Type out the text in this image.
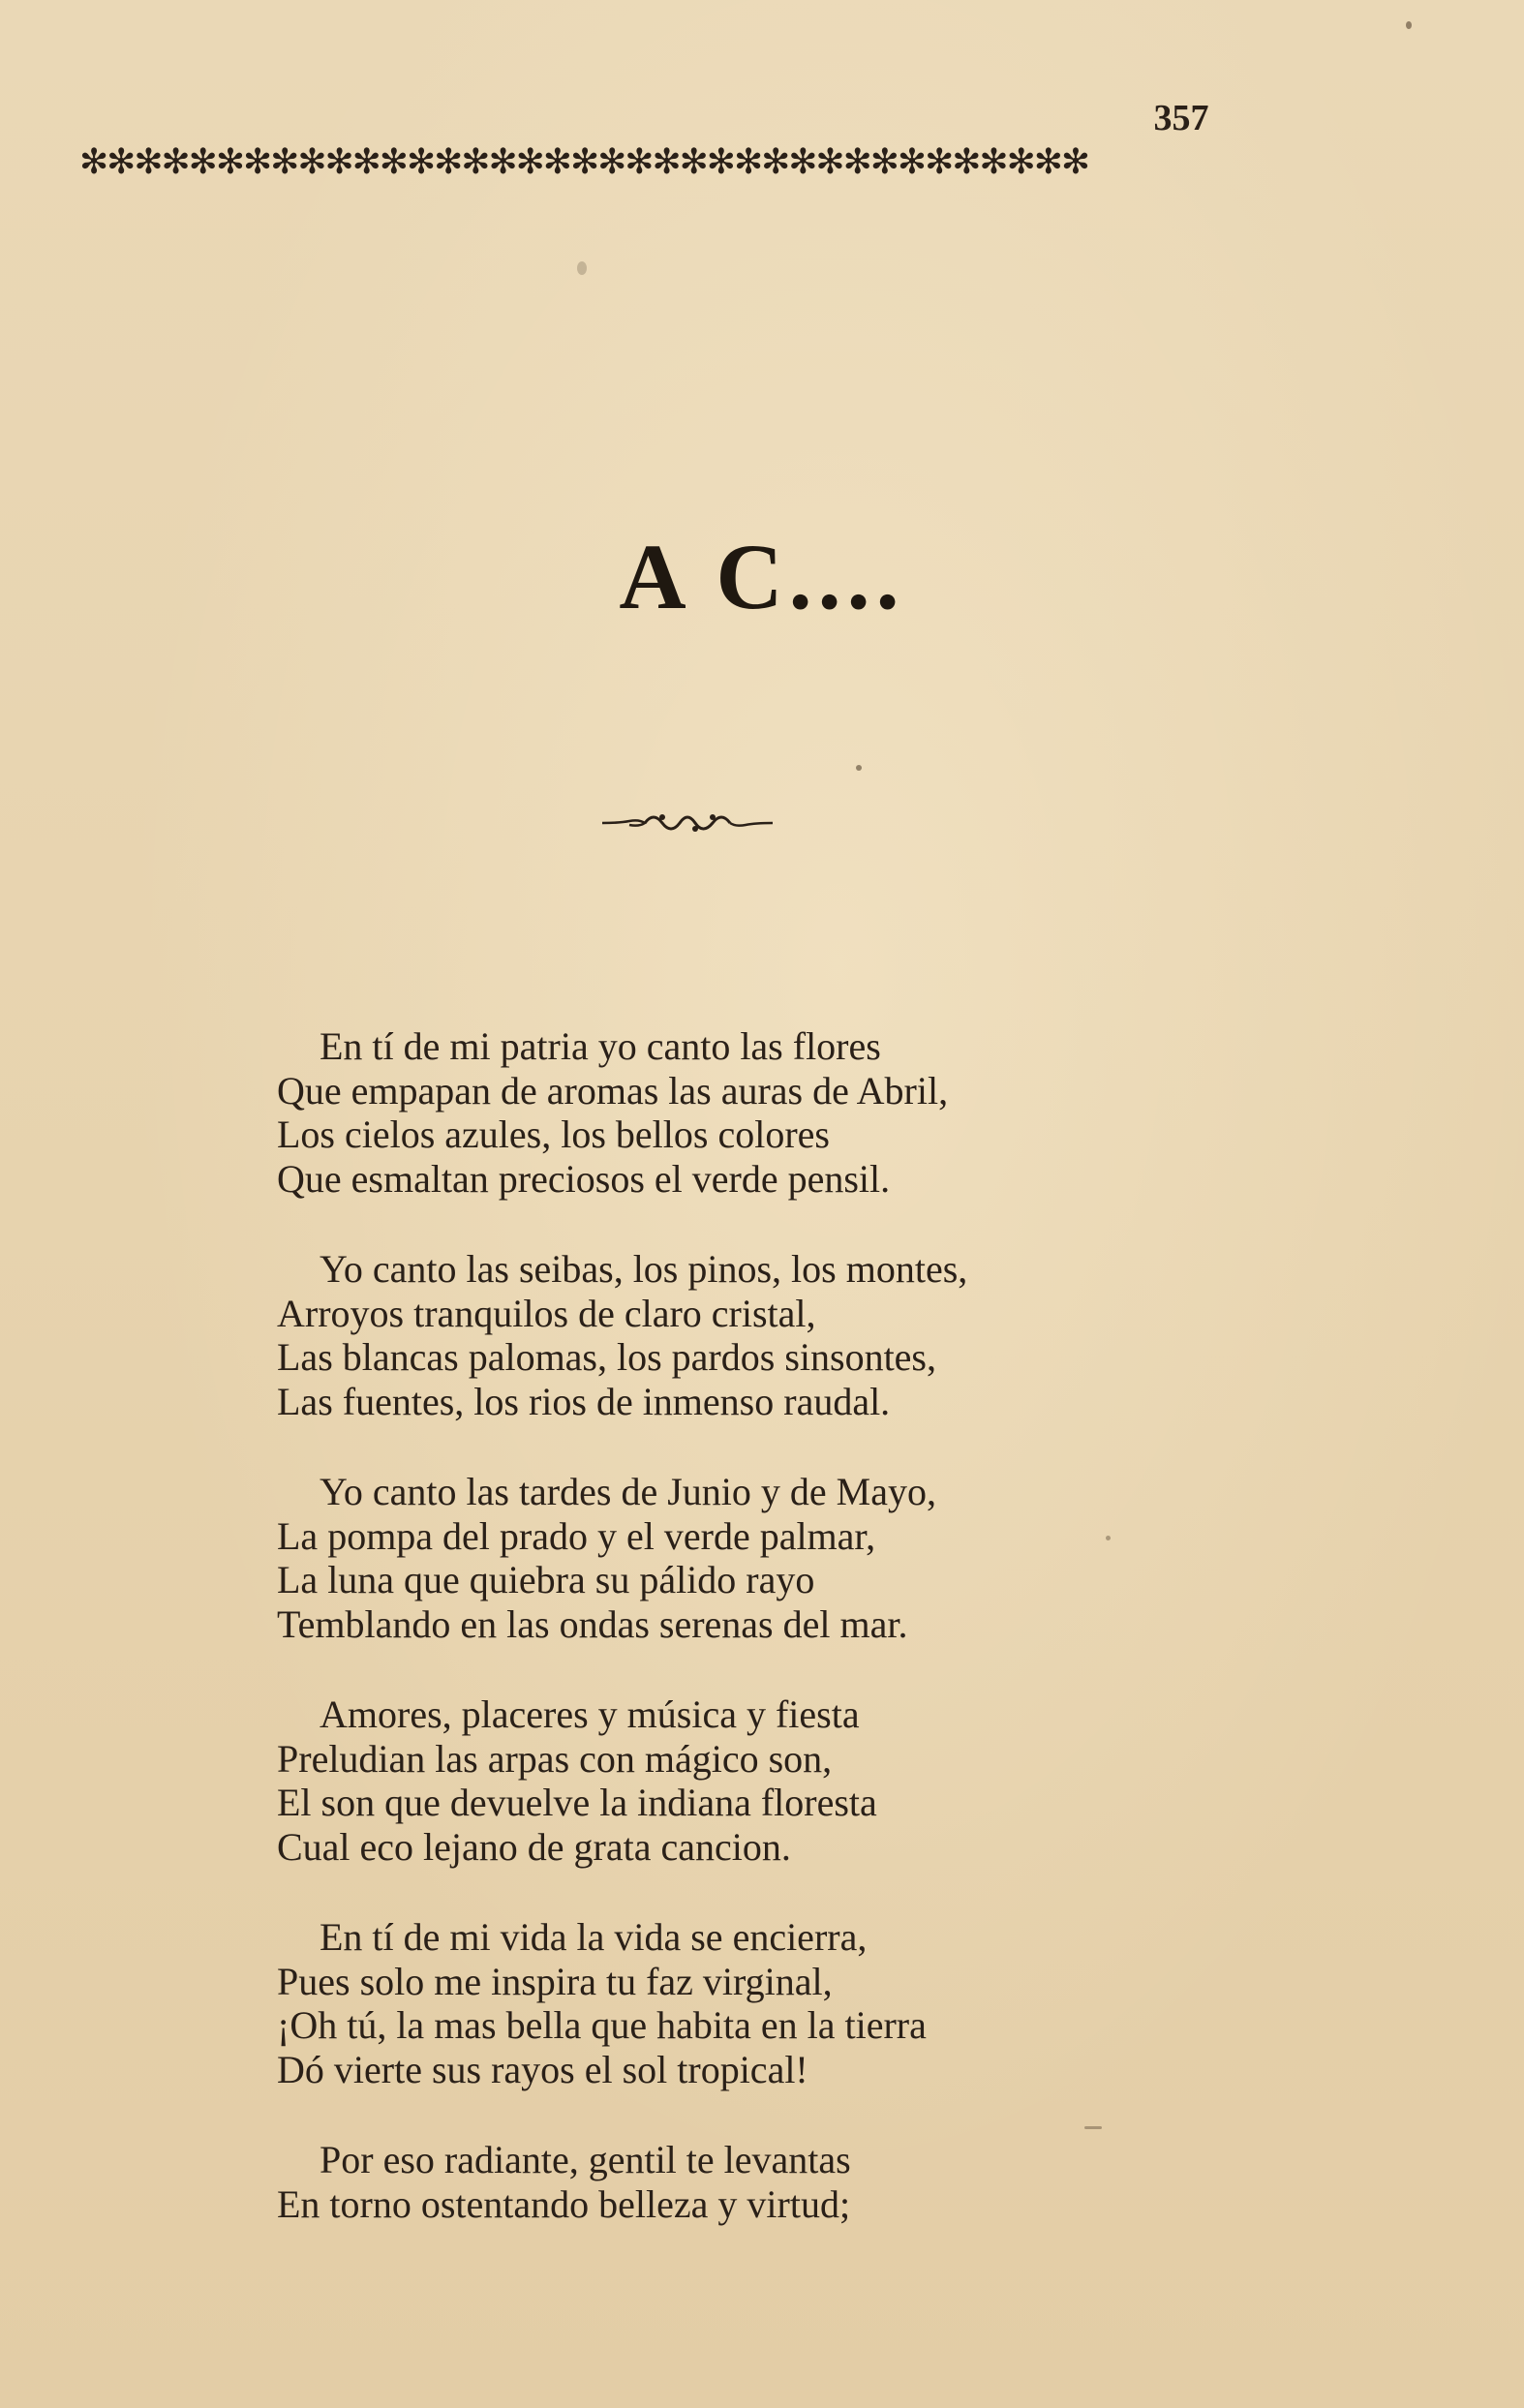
357
✻✻✻✻✻✻✻✻✻✻✻✻✻✻✻✻✻✻✻✻✻✻✻✻✻✻✻✻✻✻✻✻✻✻✻✻✻
A C....
En tí de mi patria yo canto las flores
Que empapan de aromas las auras de Abril,
Los cielos azules, los bellos colores
Que esmaltan preciosos el verde pensil.
Yo canto las seibas, los pinos, los montes,
Arroyos tranquilos de claro cristal,
Las blancas palomas, los pardos sinsontes,
Las fuentes, los rios de inmenso raudal.
Yo canto las tardes de Junio y de Mayo,
La pompa del prado y el verde palmar,
La luna que quiebra su pálido rayo
Temblando en las ondas serenas del mar.
Amores, placeres y música y fiesta
Preludian las arpas con mágico son,
El son que devuelve la indiana floresta
Cual eco lejano de grata cancion.
En tí de mi vida la vida se encierra,
Pues solo me inspira tu faz virginal,
¡Oh tú, la mas bella que habita en la tierra
Dó vierte sus rayos el sol tropical!
Por eso radiante, gentil te levantas
En torno ostentando belleza y virtud;
